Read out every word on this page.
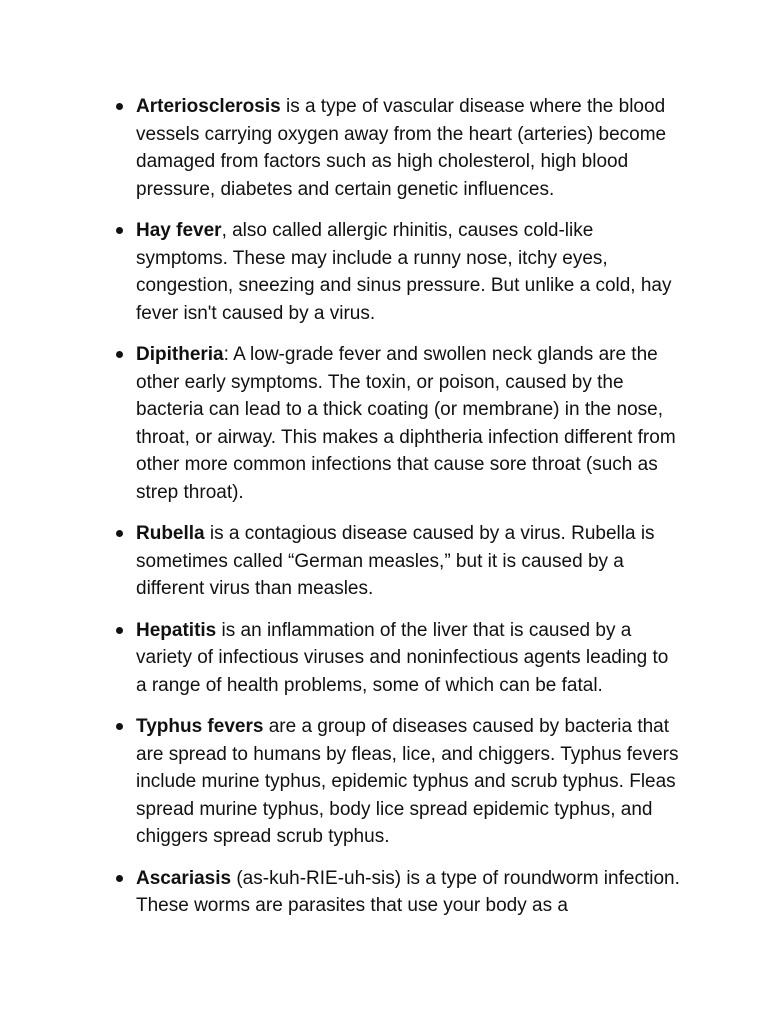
Arteriosclerosis is a type of vascular disease where the blood vessels carrying oxygen away from the heart (arteries) become damaged from factors such as high cholesterol, high blood pressure, diabetes and certain genetic influences.
Hay fever, also called allergic rhinitis, causes cold-like symptoms. These may include a runny nose, itchy eyes, congestion, sneezing and sinus pressure. But unlike a cold, hay fever isn't caused by a virus.
Dipitheria: A low-grade fever and swollen neck glands are the other early symptoms. The toxin, or poison, caused by the bacteria can lead to a thick coating (or membrane) in the nose, throat, or airway. This makes a diphtheria infection different from other more common infections that cause sore throat (such as strep throat).
Rubella is a contagious disease caused by a virus. Rubella is sometimes called “German measles,” but it is caused by a different virus than measles.
Hepatitis is an inflammation of the liver that is caused by a variety of infectious viruses and noninfectious agents leading to a range of health problems, some of which can be fatal.
Typhus fevers are a group of diseases caused by bacteria that are spread to humans by fleas, lice, and chiggers. Typhus fevers include murine typhus, epidemic typhus and scrub typhus. Fleas spread murine typhus, body lice spread epidemic typhus, and chiggers spread scrub typhus.
Ascariasis (as-kuh-RIE-uh-sis) is a type of roundworm infection. These worms are parasites that use your body as a
